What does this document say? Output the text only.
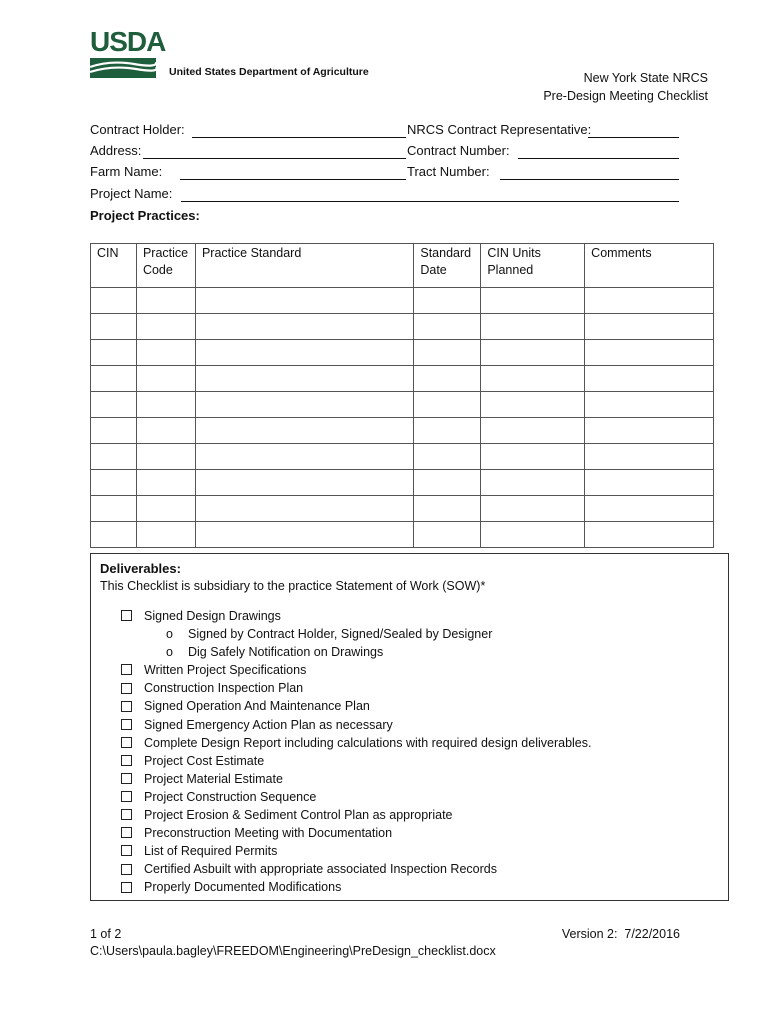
USDA
United States Department of Agriculture	New York State NRCS
Pre-Design Meeting Checklist
Contract Holder:	NRCS Contract Representative:
Address:	Contract Number:
Farm Name:	Tract Number:
Project Name:
Project Practices:
CIN	Practice Code	Practice Standard	Standard Date	CIN Units Planned	Comments

Deliverables:
This Checklist is subsidiary to the practice Statement of Work (SOW)*
Signed Design Drawings
o Signed by Contract Holder, Signed/Sealed by Designer
o Dig Safely Notification on Drawings
Written Project Specifications
Construction Inspection Plan
Signed Operation And Maintenance Plan
Signed Emergency Action Plan as necessary
Complete Design Report including calculations with required design deliverables.
Project Cost Estimate
Project Material Estimate
Project Construction Sequence
Project Erosion & Sediment Control Plan as appropriate
Preconstruction Meeting with Documentation
List of Required Permits
Certified Asbuilt with appropriate associated Inspection Records
Properly Documented Modifications
1 of 2
C:\Users\paula.bagley\FREEDOM\Engineering\PreDesign_checklist.docx
Version 2:  7/22/2016
